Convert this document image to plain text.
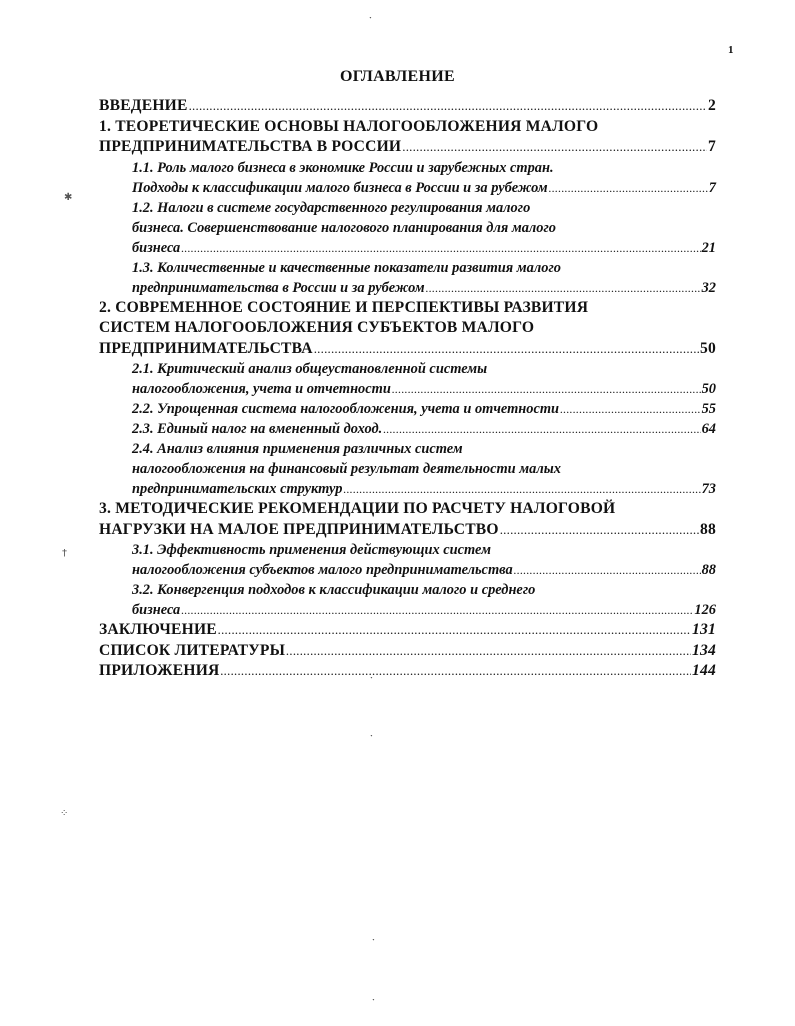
1
ОГЛАВЛЕНИЕ
ВВЕДЕНИЕ .....	2
1. ТЕОРЕТИЧЕСКИЕ ОСНОВЫ НАЛОГООБЛОЖЕНИЯ МАЛОГО
ПРЕДПРИНИМАТЕЛЬСТВА В РОССИИ .....	7
1.1. Роль малого бизнеса в экономике России и зарубежных стран.
Подходы к классификации малого бизнеса в России и за рубежом .....	7
1.2. Налоги в системе государственного регулирования малого
бизнеса. Совершенствование налогового планирования для малого
бизнеса .....	21
1.3. Количественные и качественные показатели развития малого
предпринимательства в России и за рубежом .....	32
2. СОВРЕМЕННОЕ СОСТОЯНИЕ И ПЕРСПЕКТИВЫ РАЗВИТИЯ
СИСТЕМ НАЛОГООБЛОЖЕНИЯ СУБЪЕКТОВ МАЛОГО
ПРЕДПРИНИМАТЕЛЬСТВА .....	50
2.1. Критический анализ общеустановленной системы
налогообложения, учета и отчетности .....	50
2.2. Упрощенная система налогообложения, учета и отчетности .....	55
2.3. Единый налог на вмененный доход. .....	64
2.4. Анализ влияния применения различных систем
налогообложения на финансовый результат деятельности малых
предпринимательских структур .....	73
3. МЕТОДИЧЕСКИЕ РЕКОМЕНДАЦИИ ПО РАСЧЕТУ НАЛОГОВОЙ
НАГРУЗКИ НА МАЛОЕ ПРЕДПРИНИМАТЕЛЬСТВО .....	88
3.1. Эффективность применения действующих систем
налогообложения субъектов малого предпринимательства .....	88
3.2. Конвергенция подходов к классификации малого и среднего
бизнеса .....	126
ЗАКЛЮЧЕНИЕ .....	131
СПИСОК ЛИТЕРАТУРЫ .....	134
ПРИЛОЖЕНИЯ .....	144
ˑ
✱
†
⁘
ˑ
ˑ
ˑ
ˑ
